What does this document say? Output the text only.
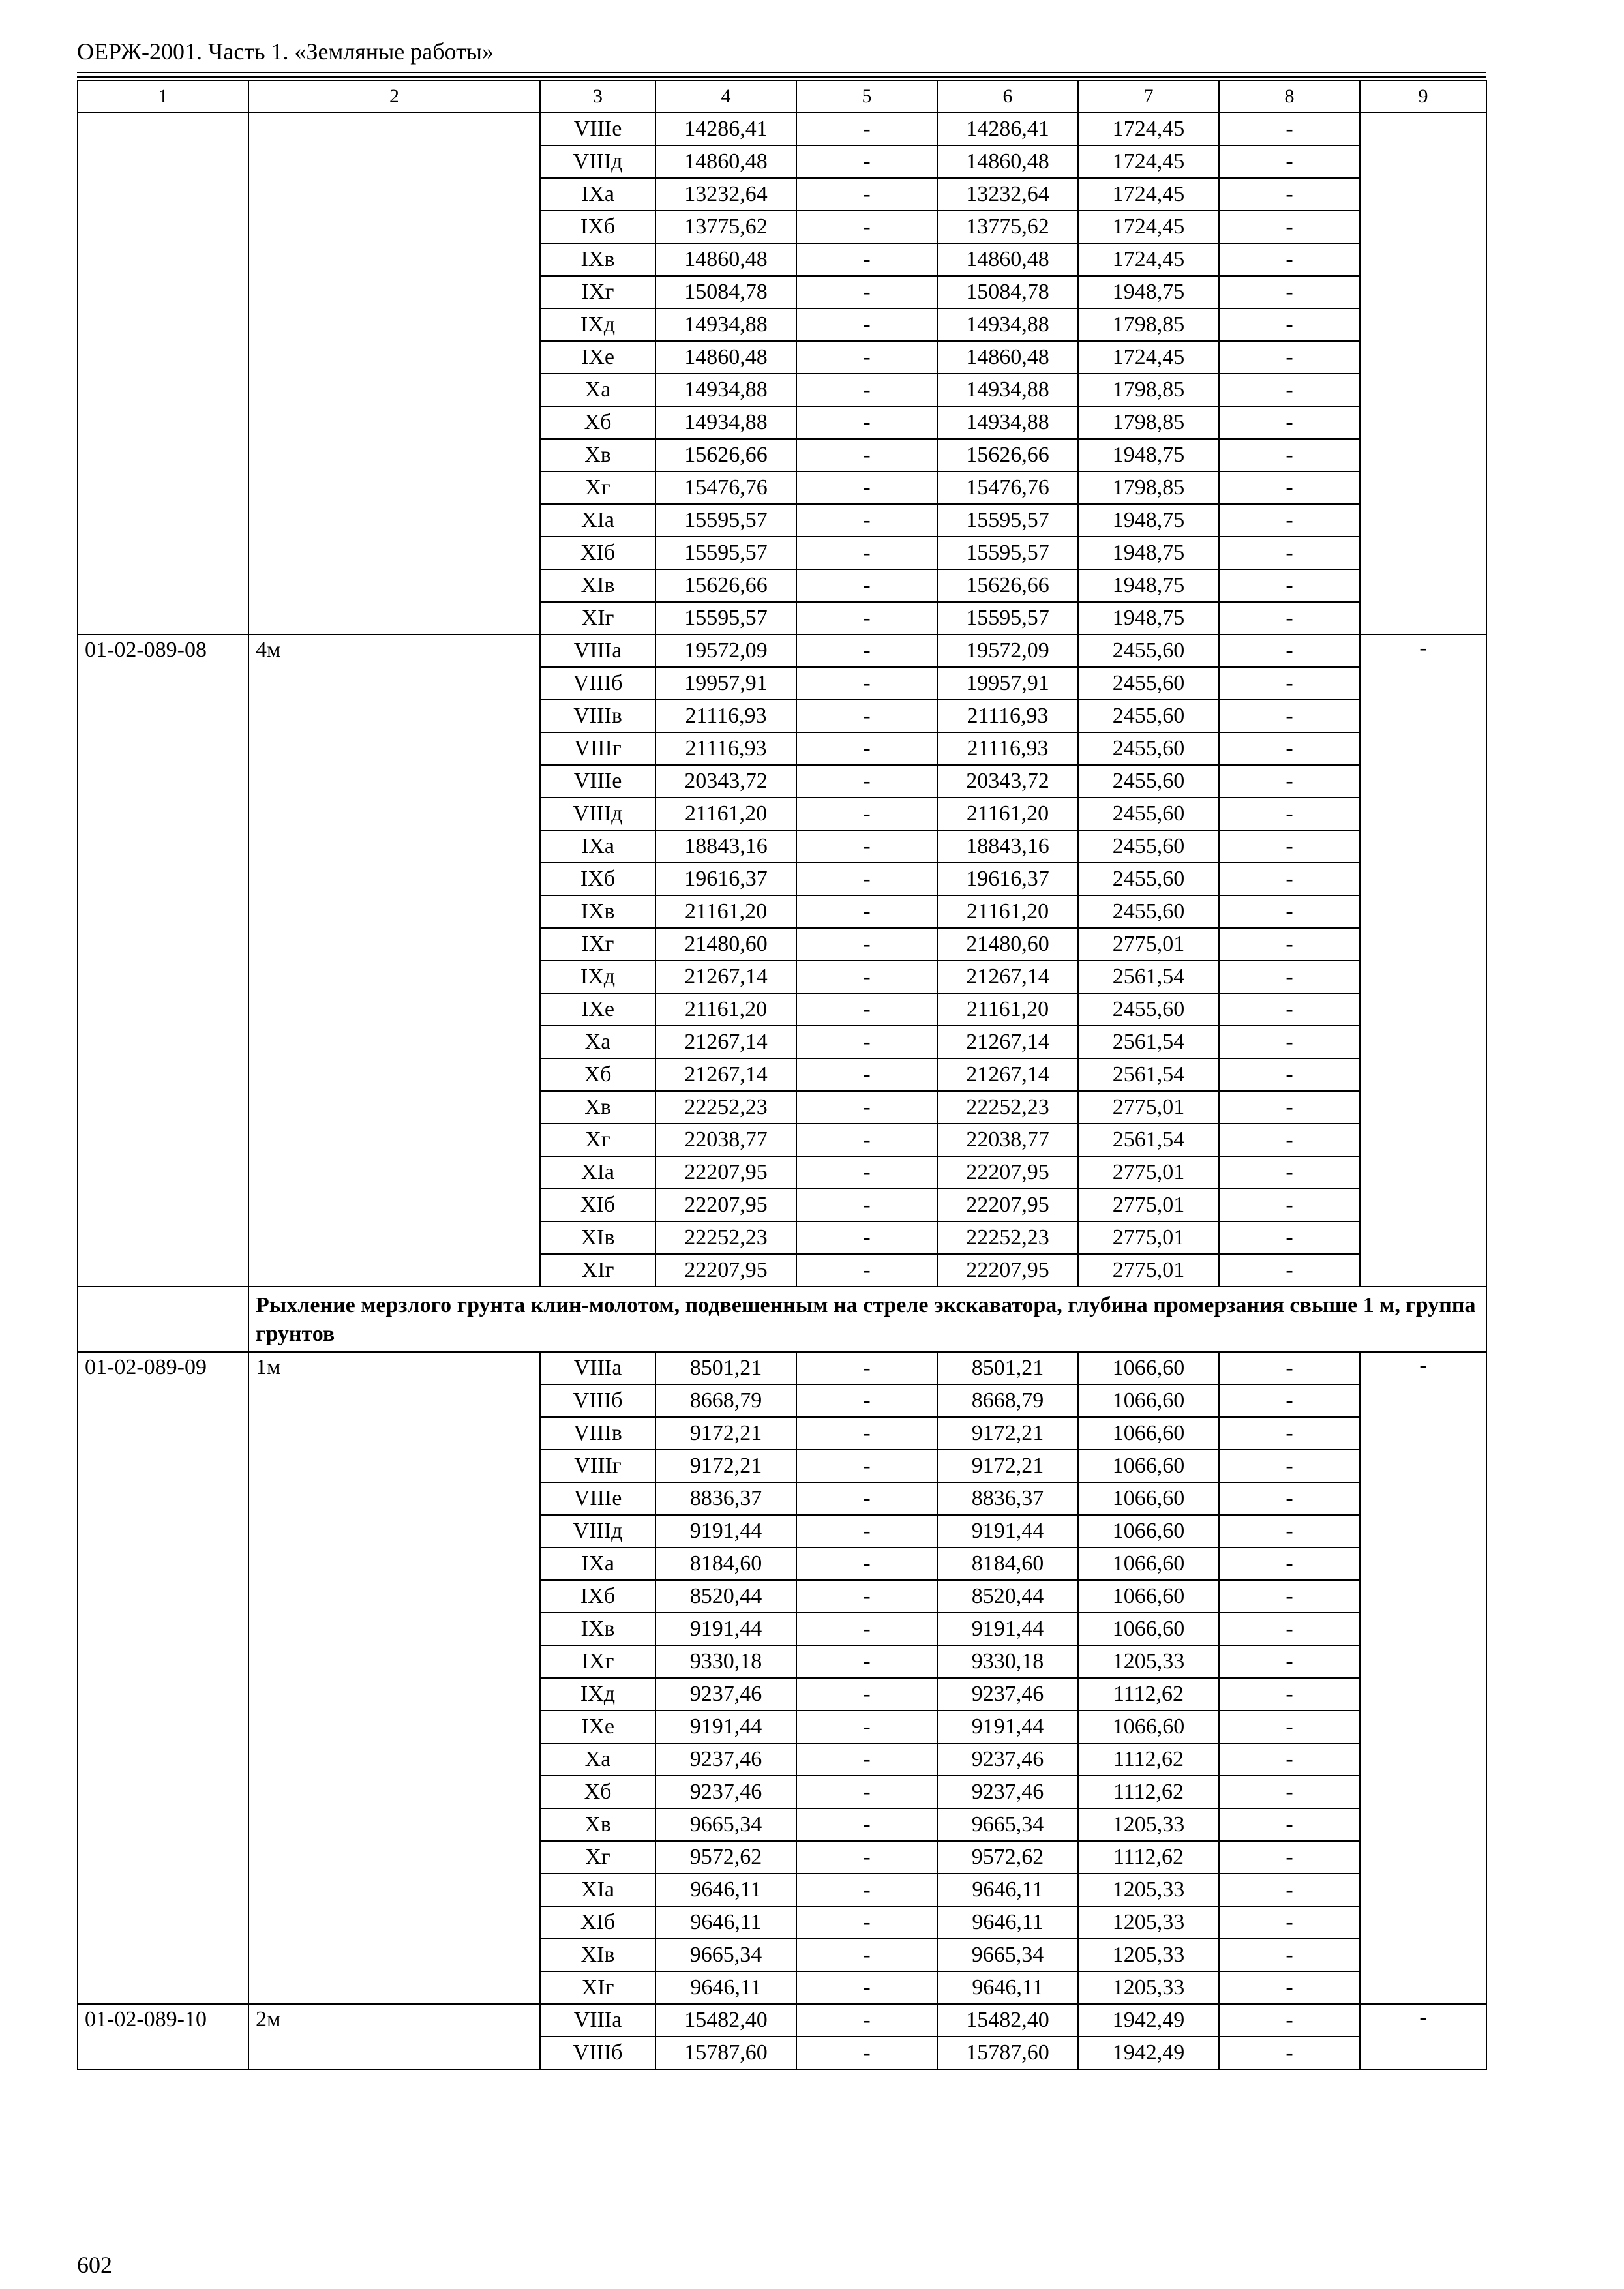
ОЕРЖ-2001. Часть 1. «Земляные работы»
1	2	3	4	5	6	7	8	9
		VIIIе	14286,41	-	14286,41	1724,45	-	
		VIIIд	14860,48	-	14860,48	1724,45	-	
		IXа	13232,64	-	13232,64	1724,45	-	
		IXб	13775,62	-	13775,62	1724,45	-	
		IXв	14860,48	-	14860,48	1724,45	-	
		IXг	15084,78	-	15084,78	1948,75	-	
		IXд	14934,88	-	14934,88	1798,85	-	
		IXе	14860,48	-	14860,48	1724,45	-	
		Xа	14934,88	-	14934,88	1798,85	-	
		Xб	14934,88	-	14934,88	1798,85	-	
		Xв	15626,66	-	15626,66	1948,75	-	
		Xг	15476,76	-	15476,76	1798,85	-	
		XIа	15595,57	-	15595,57	1948,75	-	
		XIб	15595,57	-	15595,57	1948,75	-	
		XIв	15626,66	-	15626,66	1948,75	-	
		XIг	15595,57	-	15595,57	1948,75	-	
01-02-089-08	4м	VIIIа	19572,09	-	19572,09	2455,60	-	-
		VIIIб	19957,91	-	19957,91	2455,60	-	
		VIIIв	21116,93	-	21116,93	2455,60	-	
		VIIIг	21116,93	-	21116,93	2455,60	-	
		VIIIе	20343,72	-	20343,72	2455,60	-	
		VIIIд	21161,20	-	21161,20	2455,60	-	
		IXа	18843,16	-	18843,16	2455,60	-	
		IXб	19616,37	-	19616,37	2455,60	-	
		IXв	21161,20	-	21161,20	2455,60	-	
		IXг	21480,60	-	21480,60	2775,01	-	
		IXд	21267,14	-	21267,14	2561,54	-	
		IXе	21161,20	-	21161,20	2455,60	-	
		Xа	21267,14	-	21267,14	2561,54	-	
		Xб	21267,14	-	21267,14	2561,54	-	
		Xв	22252,23	-	22252,23	2775,01	-	
		Xг	22038,77	-	22038,77	2561,54	-	
		XIа	22207,95	-	22207,95	2775,01	-	
		XIб	22207,95	-	22207,95	2775,01	-	
		XIв	22252,23	-	22252,23	2775,01	-	
		XIг	22207,95	-	22207,95	2775,01	-	
	Рыхление мерзлого грунта клин-молотом, подвешенным на стреле экскаватора, глубина промерзания свыше 1 м, группа грунтов							
01-02-089-09	1м	VIIIа	8501,21	-	8501,21	1066,60	-	-
		VIIIб	8668,79	-	8668,79	1066,60	-	
		VIIIв	9172,21	-	9172,21	1066,60	-	
		VIIIг	9172,21	-	9172,21	1066,60	-	
		VIIIе	8836,37	-	8836,37	1066,60	-	
		VIIIд	9191,44	-	9191,44	1066,60	-	
		IXа	8184,60	-	8184,60	1066,60	-	
		IXб	8520,44	-	8520,44	1066,60	-	
		IXв	9191,44	-	9191,44	1066,60	-	
		IXг	9330,18	-	9330,18	1205,33	-	
		IXд	9237,46	-	9237,46	1112,62	-	
		IXе	9191,44	-	9191,44	1066,60	-	
		Xа	9237,46	-	9237,46	1112,62	-	
		Xб	9237,46	-	9237,46	1112,62	-	
		Xв	9665,34	-	9665,34	1205,33	-	
		Xг	9572,62	-	9572,62	1112,62	-	
		XIа	9646,11	-	9646,11	1205,33	-	
		XIб	9646,11	-	9646,11	1205,33	-	
		XIв	9665,34	-	9665,34	1205,33	-	
		XIг	9646,11	-	9646,11	1205,33	-	
01-02-089-10	2м	VIIIа	15482,40	-	15482,40	1942,49	-	-
		VIIIб	15787,60	-	15787,60	1942,49	-	
602
